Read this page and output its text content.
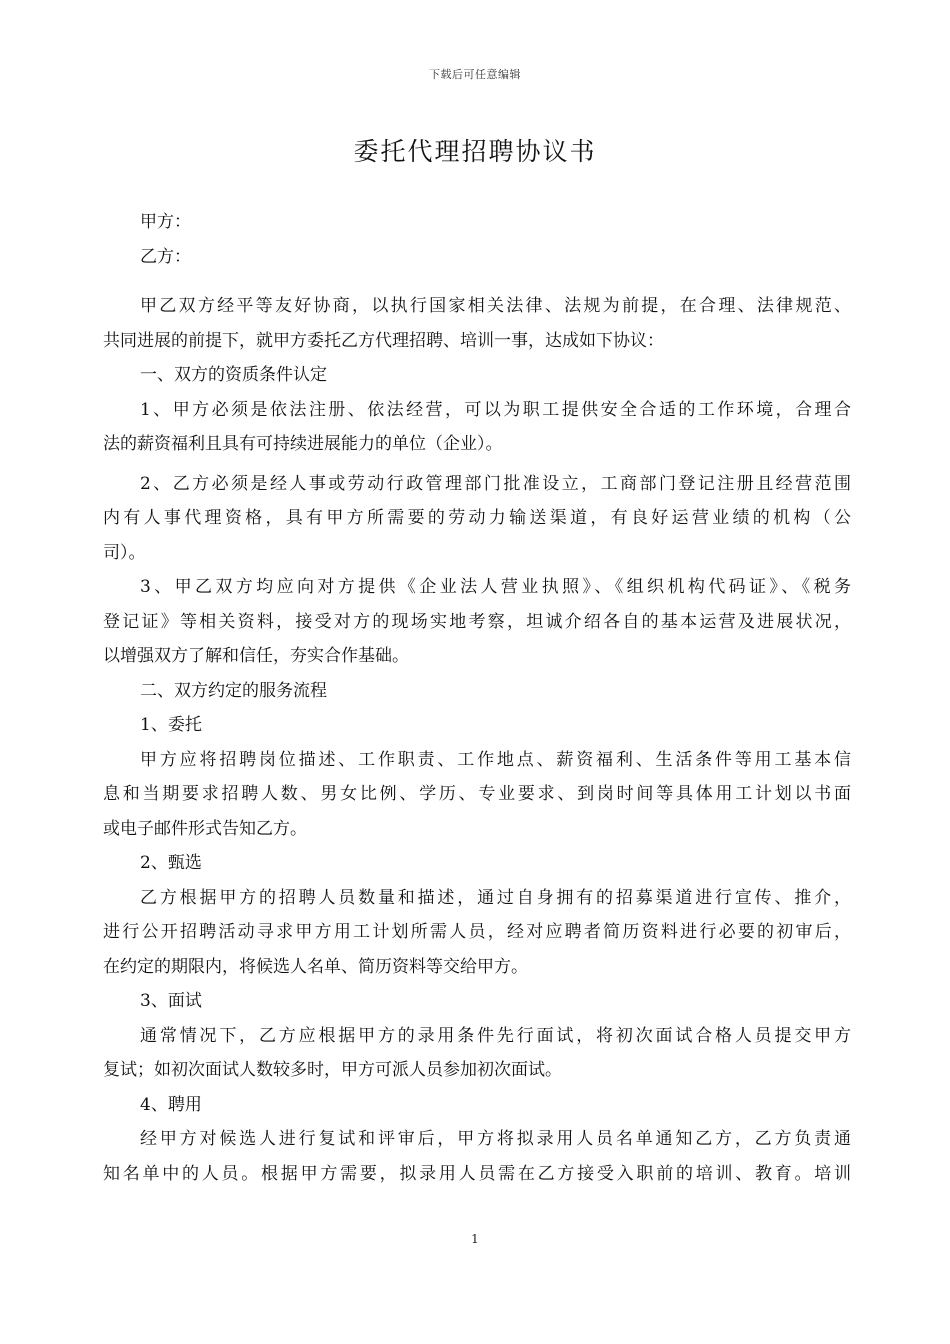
下载后可任意编辑
委托代理招聘协议书
甲方：
乙方：
甲乙双方经平等友好协商，以执行国家相关法律、法规为前提，在合理、法律规范、
共同进展的前提下，就甲方委托乙方代理招聘、培训一事，达成如下协议：
一、双方的资质条件认定
1、甲方必须是依法注册、依法经营，可以为职工提供安全合适的工作环境，合理合
法的薪资福利且具有可持续进展能力的单位（企业）。
2、乙方必须是经人事或劳动行政管理部门批准设立，工商部门登记注册且经营范围
内有人事代理资格，具有甲方所需要的劳动力输送渠道，有良好运营业绩的机构（公
司）。
3、甲乙双方均应向对方提供《企业法人营业执照》、《组织机构代码证》、《税务
登记证》等相关资料，接受对方的现场实地考察，坦诚介绍各自的基本运营及进展状况，
以增强双方了解和信任，夯实合作基础。
二、双方约定的服务流程
1、委托
甲方应将招聘岗位描述、工作职责、工作地点、薪资福利、生活条件等用工基本信
息和当期要求招聘人数、男女比例、学历、专业要求、到岗时间等具体用工计划以书面
或电子邮件形式告知乙方。
2、甄选
乙方根据甲方的招聘人员数量和描述，通过自身拥有的招募渠道进行宣传、推介，
进行公开招聘活动寻求甲方用工计划所需人员，经对应聘者简历资料进行必要的初审后，
在约定的期限内，将候选人名单、简历资料等交给甲方。
3、面试
通常情况下，乙方应根据甲方的录用条件先行面试，将初次面试合格人员提交甲方
复试；如初次面试人数较多时，甲方可派人员参加初次面试。
4、聘用
经甲方对候选人进行复试和评审后，甲方将拟录用人员名单通知乙方，乙方负责通
知名单中的人员。根据甲方需要，拟录用人员需在乙方接受入职前的培训、教育。培训
1
